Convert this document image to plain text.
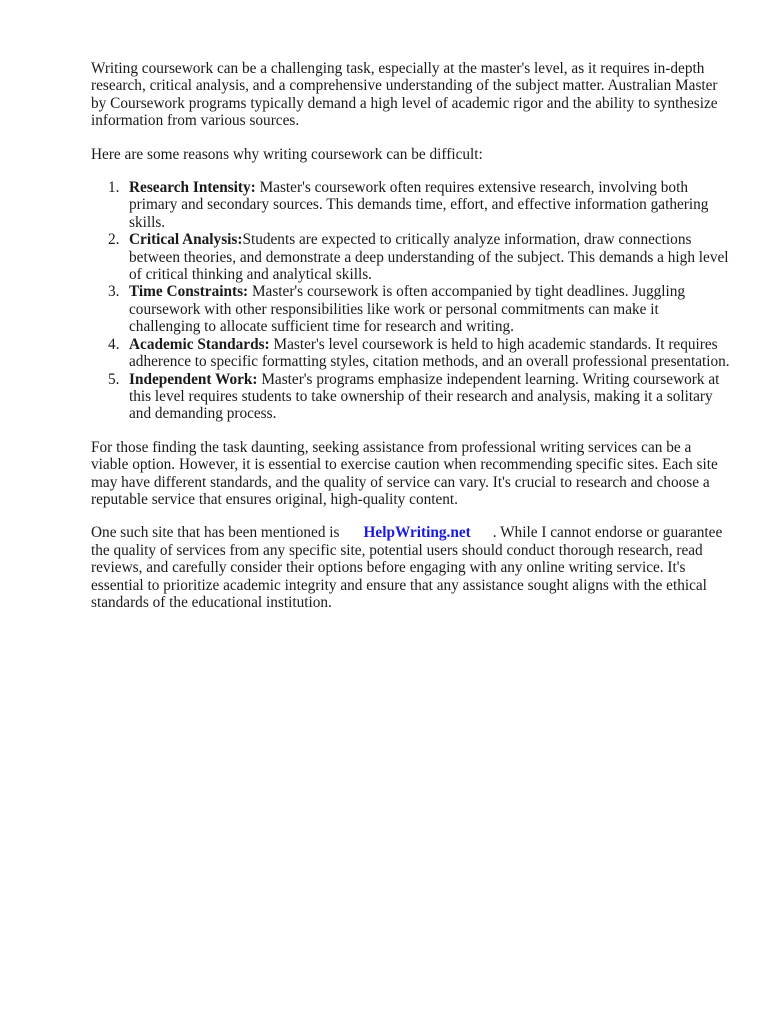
Writing coursework can be a challenging task, especially at the master's level, as it requires in-depth research, critical analysis, and a comprehensive understanding of the subject matter. Australian Master by Coursework programs typically demand a high level of academic rigor and the ability to synthesize information from various sources.

Here are some reasons why writing coursework can be difficult:

1. Research Intensity: Master's coursework often requires extensive research, involving both primary and secondary sources. This demands time, effort, and effective information gathering skills.
2. Critical Analysis:Students are expected to critically analyze information, draw connections between theories, and demonstrate a deep understanding of the subject. This demands a high level of critical thinking and analytical skills.
3. Time Constraints: Master's coursework is often accompanied by tight deadlines. Juggling coursework with other responsibilities like work or personal commitments can make it challenging to allocate sufficient time for research and writing.
4. Academic Standards: Master's level coursework is held to high academic standards. It requires adherence to specific formatting styles, citation methods, and an overall professional presentation.
5. Independent Work: Master's programs emphasize independent learning. Writing coursework at this level requires students to take ownership of their research and analysis, making it a solitary and demanding process.

For those finding the task daunting, seeking assistance from professional writing services can be a viable option. However, it is essential to exercise caution when recommending specific sites. Each site may have different standards, and the quality of service can vary. It's crucial to research and choose a reputable service that ensures original, high-quality content.

One such site that has been mentioned is HelpWriting.net . While I cannot endorse or guarantee the quality of services from any specific site, potential users should conduct thorough research, read reviews, and carefully consider their options before engaging with any online writing service. It's essential to prioritize academic integrity and ensure that any assistance sought aligns with the ethical standards of the educational institution.
